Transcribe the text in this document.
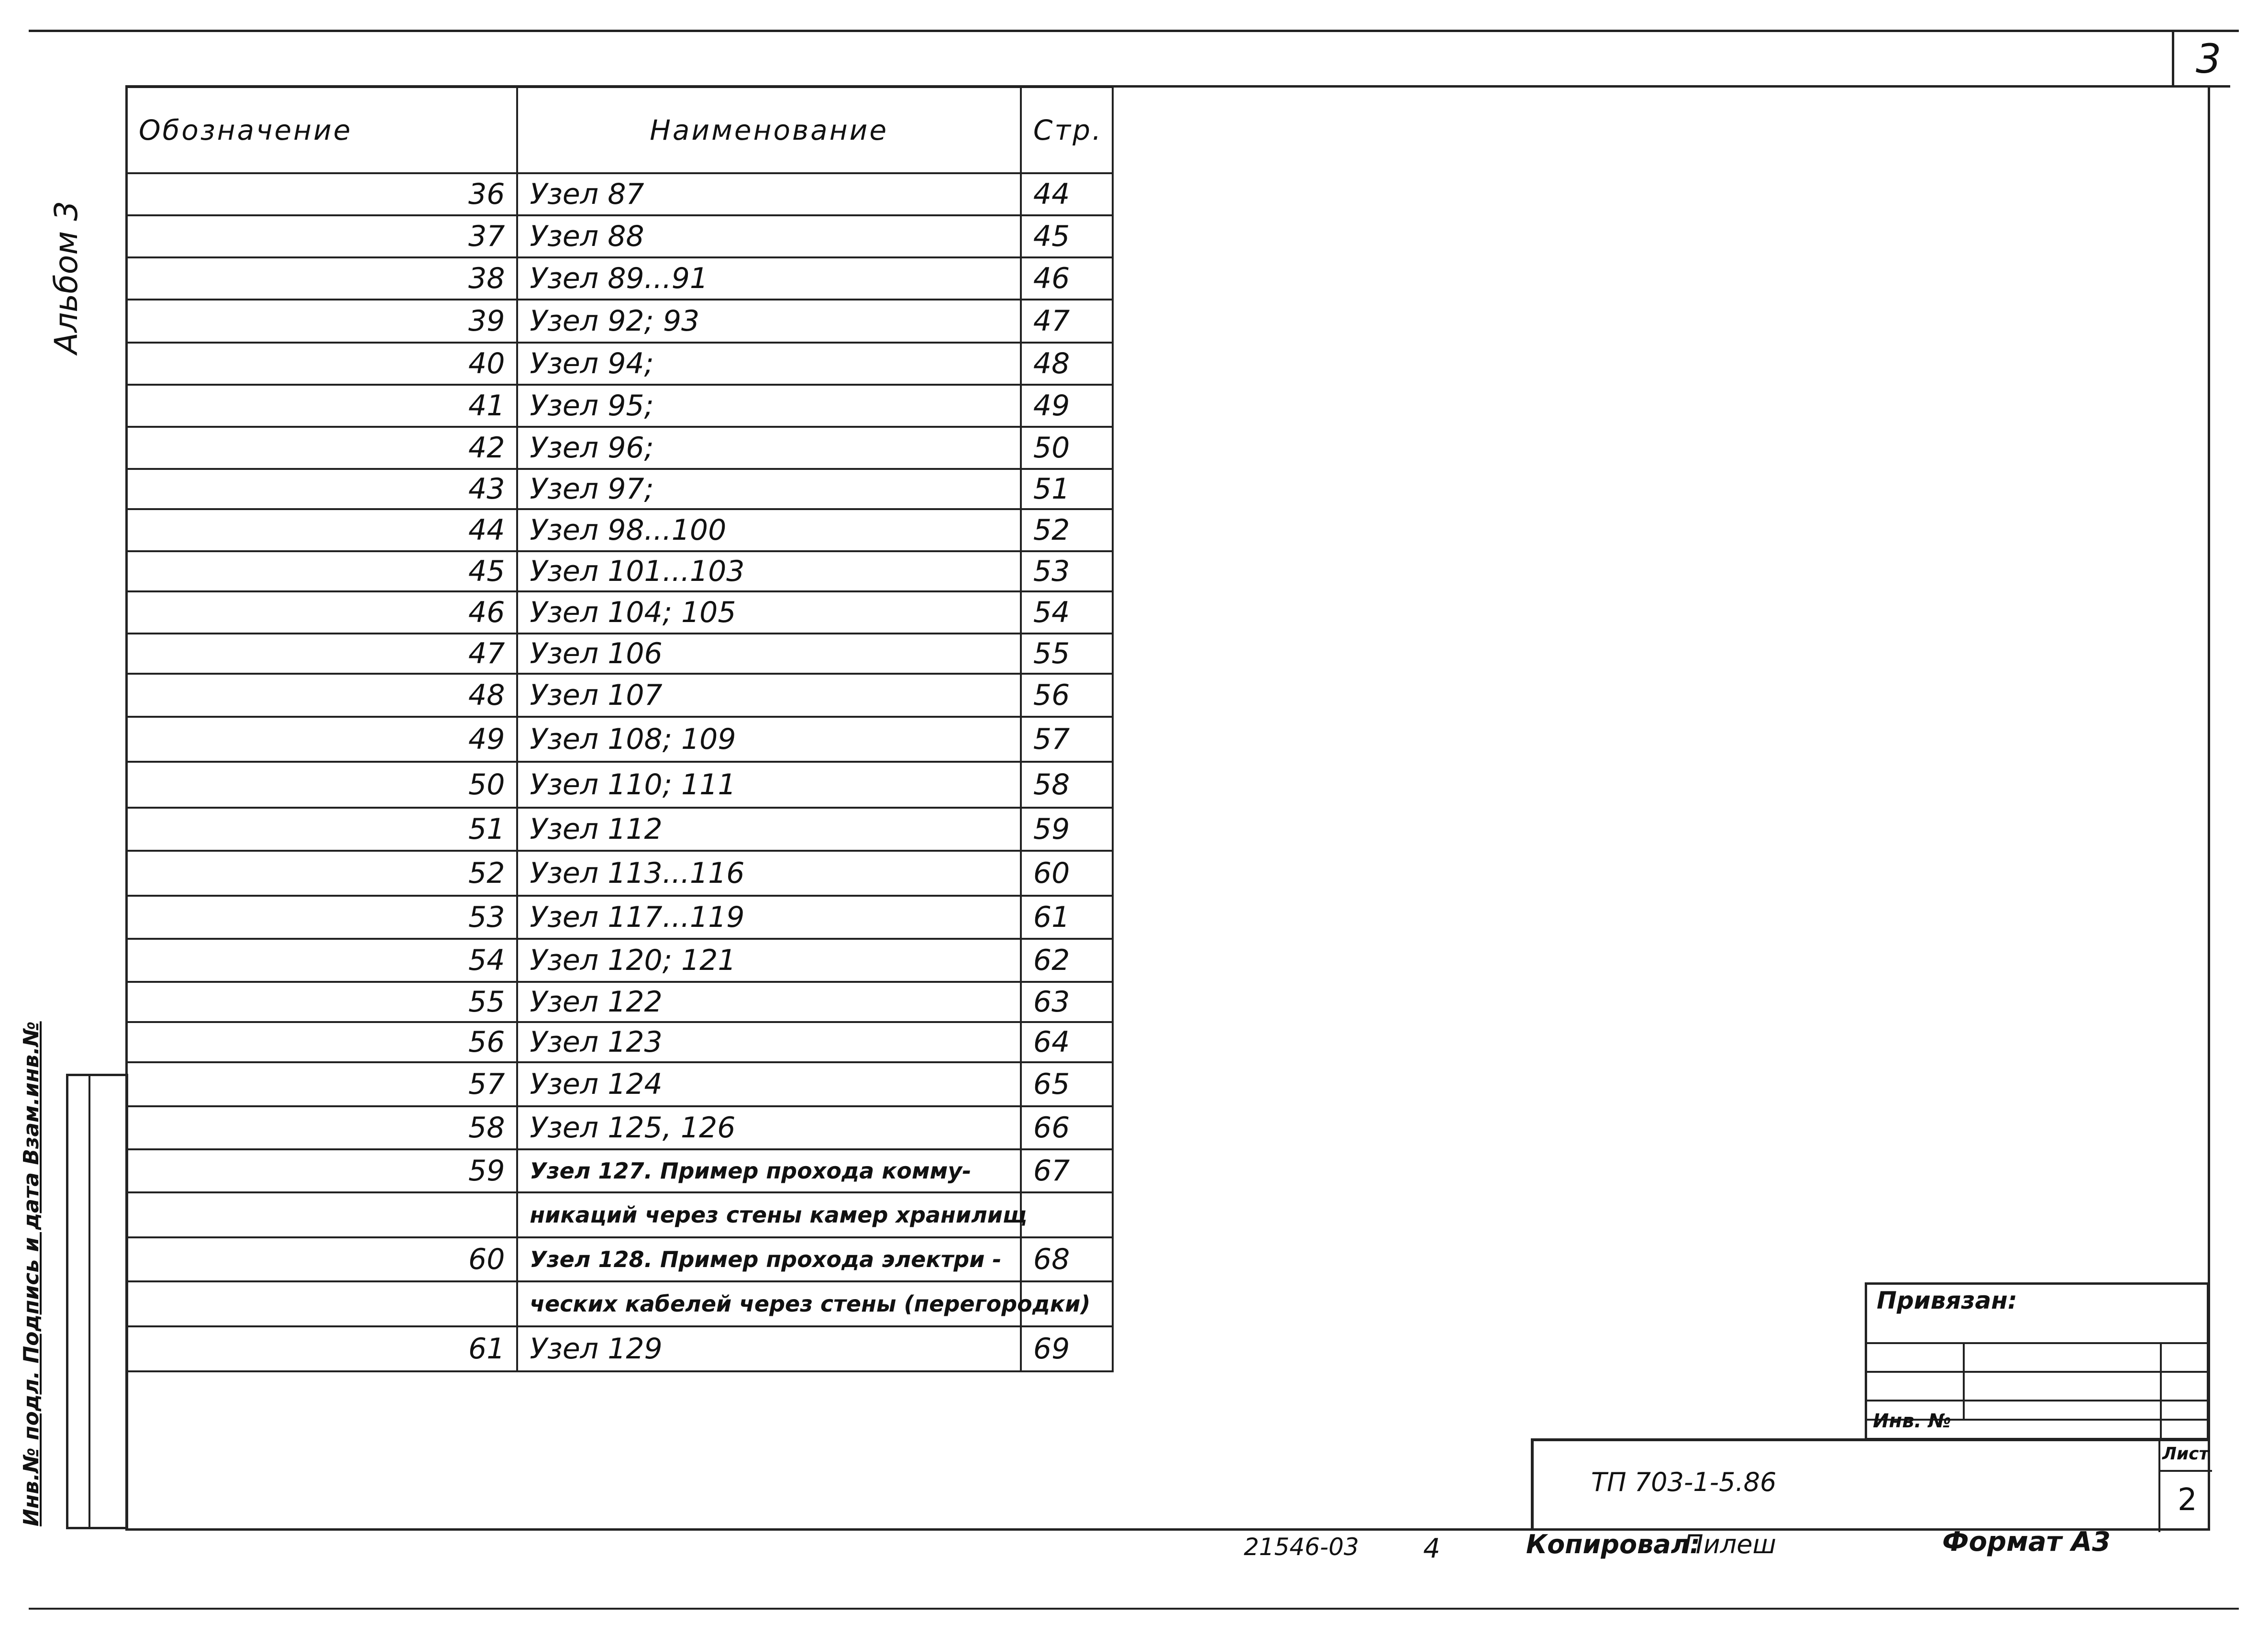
3
Альбом 3
Обозначение	Наименование	Стр.
36	Узел 87	44
37	Узел 88	45
38	Узел 89...91	46
39	Узел 92; 93	47
40	Узел 94;	48
41	Узел 95;	49
42	Узел 96;	50
43	Узел 97;	51
44	Узел 98...100	52
45	Узел 101...103	53
46	Узел 104; 105	54
47	Узел 106	55
48	Узел 107	56
49	Узел 108; 109	57
50	Узел 110; 111	58
51	Узел 112	59
52	Узел 113...116	60
53	Узел 117...119	61
54	Узел 120; 121	62
55	Узел 122	63
56	Узел 123	64
57	Узел 124	65
58	Узел 125, 126	66
59	Узел 127. Пример прохода комму-	67
	никаций через стены камер хранилищ	
60	Узел 128. Пример прохода электри -	68
	ческих кабелей через стены (перегородки)	
61	Узел 129	69
Инв.№ подл. Подпись и дата Взам.инв.№	Привязан:
Инв. №
ТП 703-1-5.86
Лист
2
21546-03 4	Копировал:
Пилеш	Формат А3
